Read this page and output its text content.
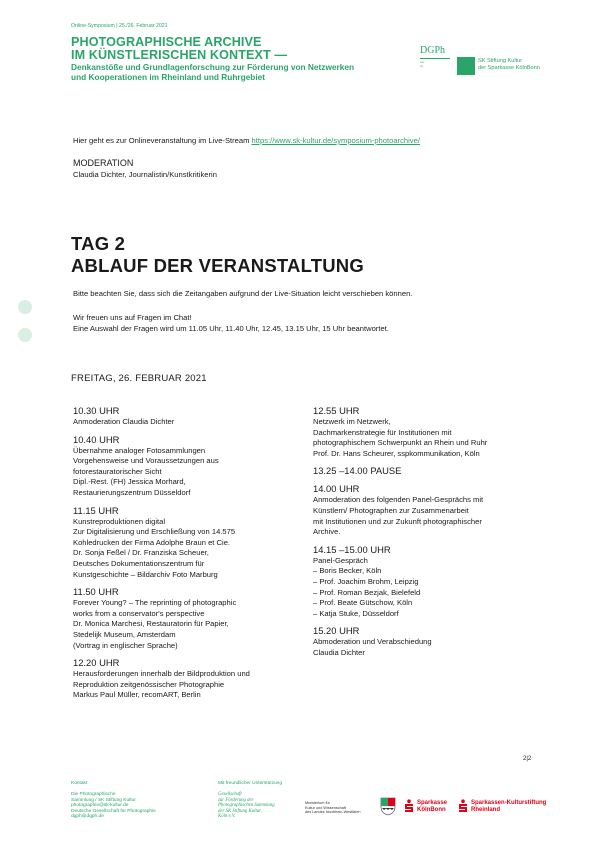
Online-Symposium | 25./26. Februar 2021
PHOTOGRAPHISCHE ARCHIVE
IM KÜNSTLERISCHEN KONTEXT —
Denkanstöße und Grundlagenforschung zur Förderung von Netzwerken
und Kooperationen im Rheinland und Ruhrgebiet
DGPh
▪▪▪▪
▪▪▪
SK Stiftung Kultur
der Sparkasse KölnBonn
Hier geht es zur Onlineveranstaltung im Live-Stream https://www.sk-kultur.de/symposium-photoarchive/
MODERATION
Claudia Dichter, Journalistin/Kunstkritikerin
TAG 2
ABLAUF DER VERANSTALTUNG
Bitte beachten Sie, dass sich die Zeitangaben aufgrund der Live-Situation leicht verschieben können.
Wir freuen uns auf Fragen im Chat!
Eine Auswahl der Fragen wird um 11.05 Uhr, 11.40 Uhr, 12.45, 13.15 Uhr, 15 Uhr beantwortet.
FREITAG, 26. FEBRUAR 2021
10.30 UHR
Anmoderation Claudia Dichter
10.40 UHR
Übernahme analoger Fotosammlungen
Vorgehensweise und Voraussetzungen aus
fotorestauratorischer Sicht
Dipl.-Rest. (FH) Jessica Morhard,
Restaurierungszentrum Düsseldorf
11.15 UHR
Kunstreproduktionen digital
Zur Digitalisierung und Erschließung von 14.575
Kohledrucken der Firma Adolphe Braun et Cie.
Dr. Sonja Feßel / Dr. Franziska Scheuer,
Deutsches Dokumentationszentrum für
Kunstgeschichte – Bildarchiv Foto Marburg
11.50 UHR
Forever Young? – The reprinting of photographic
works from a conservator's perspective
Dr. Monica Marchesi, Restauratorin für Papier,
Stedelijk Museum, Amsterdam
(Vortrag in englischer Sprache)
12.20 UHR
Herausforderungen innerhalb der Bildproduktion und
Reproduktion zeitgenössischer Photographie
Markus Paul Müller, recomART, Berlin
12.55 UHR
Netzwerk im Netzwerk,
Dachmarkenstrategie für Institutionen mit
photographischem Schwerpunkt an Rhein und Ruhr
Prof. Dr. Hans Scheurer, sspkommunikation, Köln
13.25 –14.00 PAUSE
14.00 UHR
Anmoderation des folgenden Panel-Gesprächs mit
Künstlern/ Photographen zur Zusammenarbeit
mit Institutionen und zur Zukunft photographischer
Archive.
14.15 –15.00 UHR
Panel-Gespräch
– Boris Becker, Köln
– Prof. Joachim Brohm, Leipzig
– Prof. Roman Bezjak, Bielefeld
– Prof. Beate Gütschow, Köln
– Katja Stuke, Düsseldorf
15.20 UHR
Abmoderation und Verabschiedung
Claudia Dichter
2|2
Kontakt
Die Photographische
Sammlung / SK Stiftung Kultur
photographie@sk-kultur.de
Deutsche Gesellschaft für Photographie
dgph@dgph.de
Mit freundlicher Unterstützung
Gesellschaft
zur Förderung der
Photographischen Sammlung
der SK Stiftung Kultur,
Köln e.V.
Ministerium für
Kultur und Wissenschaft
des Landes Nordrhein-Westfalen
Sparkasse
KölnBonn
Sparkassen-Kulturstiftung
Rheinland
